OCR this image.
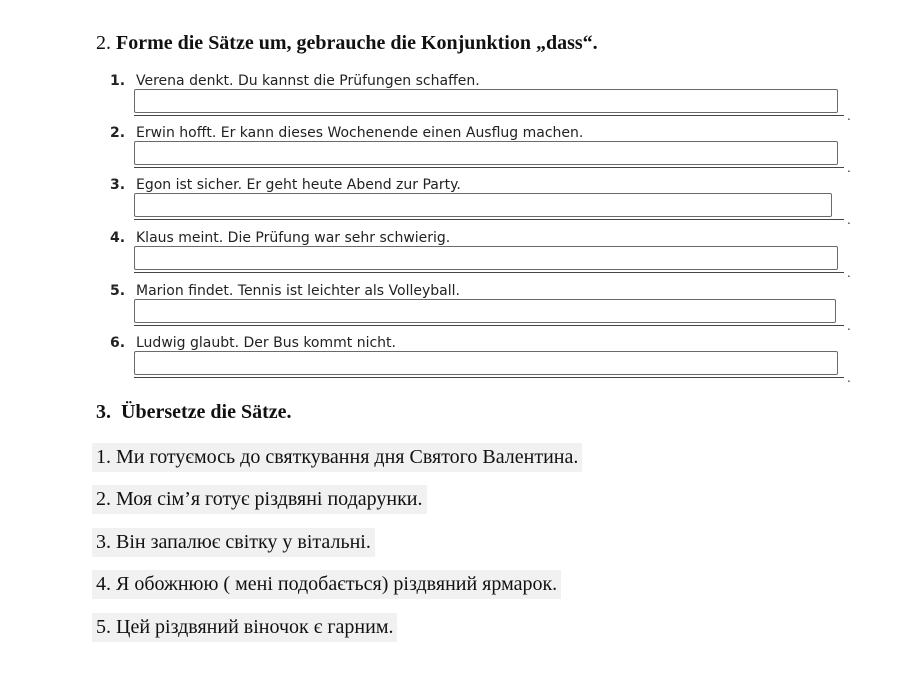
2. Forme die Sätze um, gebrauche die Konjunktion „dass“.
1. Verena denkt. Du kannst die Prüfungen schaffen.
.
2. Erwin hofft. Er kann dieses Wochenende einen Ausflug machen.
.
3. Egon ist sicher. Er geht heute Abend zur Party.
.
4. Klaus meint. Die Prüfung war sehr schwierig.
.
5. Marion findet. Tennis ist leichter als Volleyball.
.
6. Ludwig glaubt. Der Bus kommt nicht.
.
3. Übersetze die Sätze.
1. Ми готуємось до святкування дня Святого Валентина.
2. Моя сім’я готує різдвяні подарунки.
3. Він запалює світку у вітальні.
4. Я обожнюю ( мені подобається) різдвяний ярмарок.
5. Цей різдвяний віночок є гарним.
